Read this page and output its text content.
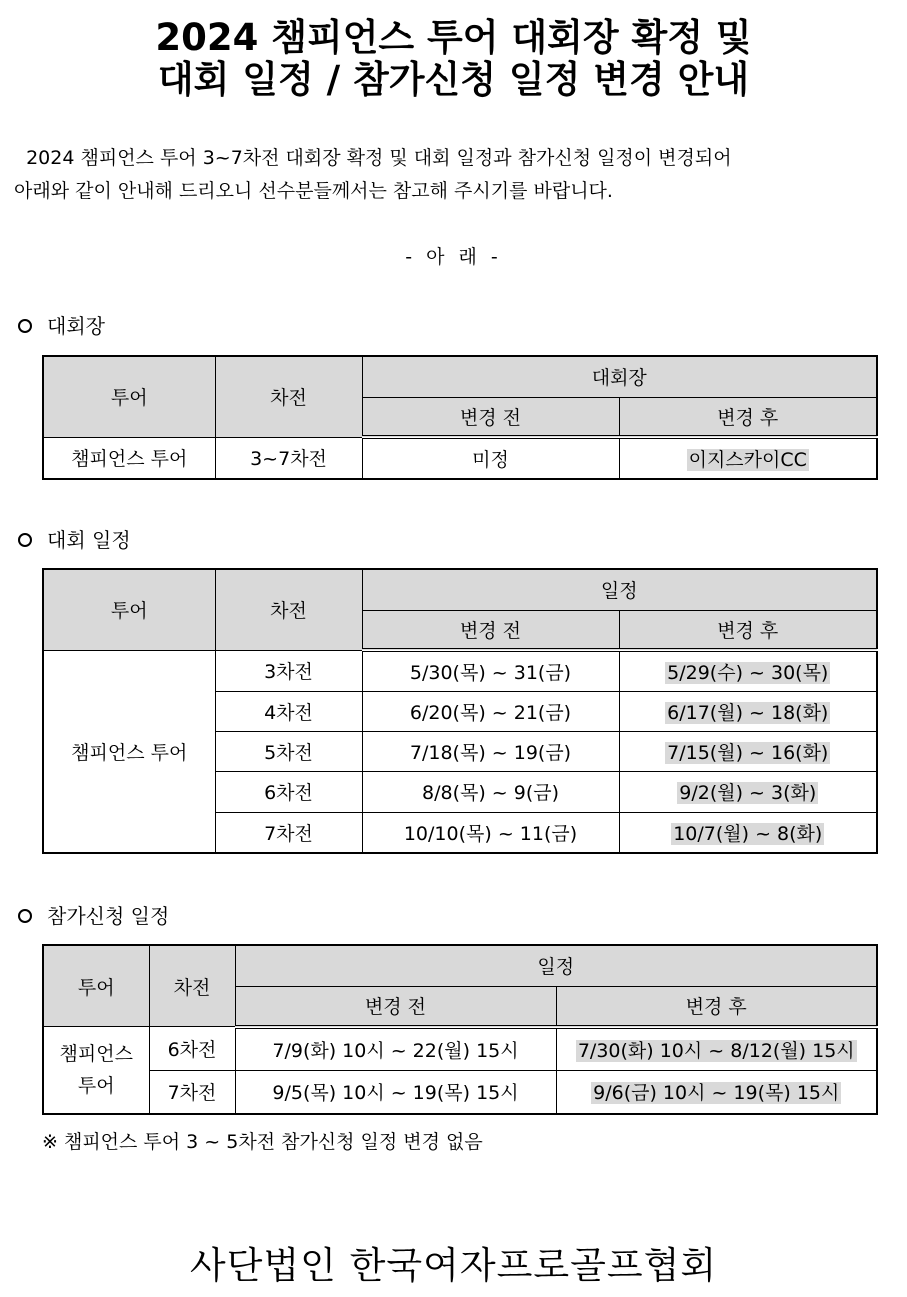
2024 챔피언스 투어 대회장 확정 및
대회 일정 / 참가신청 일정 변경 안내
2024 챔피언스 투어 3~7차전 대회장 확정 및 대회 일정과 참가신청 일정이 변경되어
아래와 같이 안내해 드리오니 선수분들께서는 참고해 주시기를 바랍니다.
- 아 래 -
대회장
투어	차전	대회장	
		변경 전	변경 후
챔피언스 투어	3~7차전	미정	이지스카이CC
대회 일정
투어	차전	일정	
		변경 전	변경 후
챔피언스 투어	3차전	5/30(목) ~ 31(금)	5/29(수) ~ 30(목)
	4차전	6/20(목) ~ 21(금)	6/17(월) ~ 18(화)
	5차전	7/18(목) ~ 19(금)	7/15(월) ~ 16(화)
	6차전	8/8(목) ~ 9(금)	9/2(월) ~ 3(화)
	7차전	10/10(목) ~ 11(금)	10/7(월) ~ 8(화)
참가신청 일정
투어	차전	일정	
		변경 전	변경 후

챔피언스
투어	6차전	7/9(화) 10시 ~ 22(월) 15시	7/30(화) 10시 ~ 8/12(월) 15시
	7차전	9/5(목) 10시 ~ 19(목) 15시	9/6(금) 10시 ~ 19(목) 15시
※ 챔피언스 투어 3 ~ 5차전 참가신청 일정 변경 없음
사단법인 한국여자프로골프협회
